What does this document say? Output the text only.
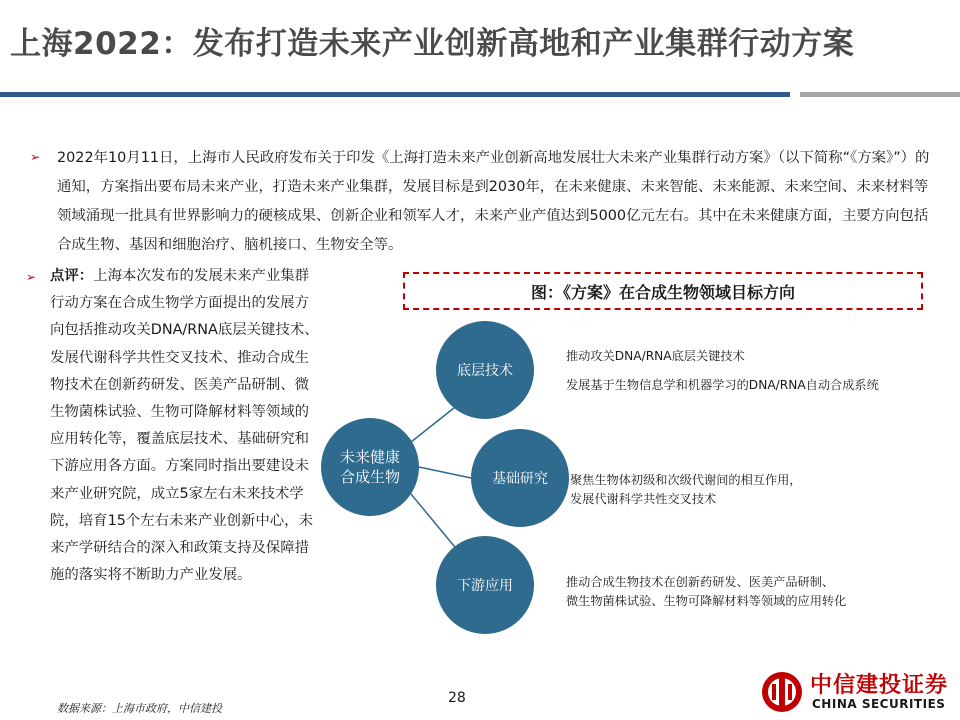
上海2022：发布打造未来产业创新高地和产业集群行动方案
➢ 2022年10月11日，上海市人民政府发布关于印发《上海打造未来产业创新高地发展壮大未来产业集群行动方案》（以下简称“《方案》”）的通知，方案指出要布局未来产业，打造未来产业集群，发展目标是到2030年，在未来健康、未来智能、未来能源、未来空间、未来材料等领域涌现一批具有世界影响力的硬核成果、创新企业和领军人才，未来产业产值达到5000亿元左右。其中在未来健康方面，主要方向包括合成生物、基因和细胞治疗、脑机接口、生物安全等。
➢ 点评：上海本次发布的发展未来产业集群行动方案在合成生物学方面提出的发展方向包括推动攻关DNA/RNA底层关键技术、发展代谢科学共性交叉技术、推动合成生物技术在创新药研发、医美产品研制、微生物菌株试验、生物可降解材料等领域的应用转化等，覆盖底层技术、基础研究和下游应用各方面。方案同时指出要建设未来产业研究院，成立5家左右未来技术学院，培育15个左右未来产业创新中心，未来产学研结合的深入和政策支持及保障措施的落实将不断助力产业发展。
图：《方案》在合成生物领域目标方向
未来健康
合成生物
底层技术
基础研究
下游应用
推动攻关DNA/RNA底层关键技术
发展基于生物信息学和机器学习的DNA/RNA自动合成系统
聚焦生物体初级和次级代谢间的相互作用，
发展代谢科学共性交叉技术
推动合成生物技术在创新药研发、医美产品研制、
微生物菌株试验、生物可降解材料等领域的应用转化
数据来源：上海市政府，中信建投
28	中信建投证券
CHINA SECURITIES
